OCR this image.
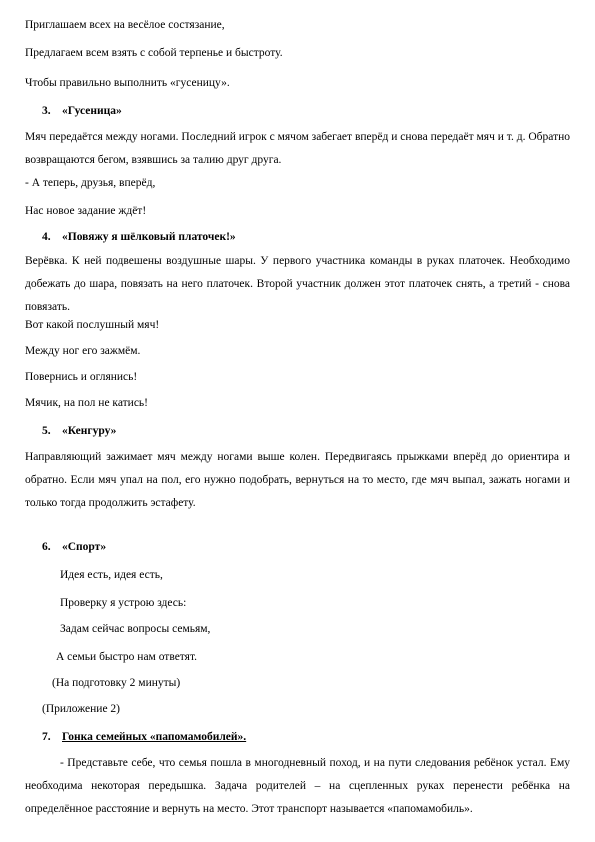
Приглашаем всех на весёлое состязание,
Предлагаем всем взять с собой терпенье и быстроту.
Чтобы правильно выполнить «гусеницу».
3. «Гусеница»
Мяч передаётся между ногами. Последний игрок с мячом забегает вперёд и снова передаёт мяч и т. д. Обратно возвращаются бегом, взявшись за талию друг друга.
- А теперь, друзья, вперёд,
Нас новое задание ждёт!
4. «Повяжу я шёлковый платочек!»
Верёвка. К ней подвешены воздушные шары. У первого участника команды в руках платочек. Необходимо добежать до шара, повязать на него платочек. Второй участник должен этот платочек снять, а третий - снова повязать.
Вот какой послушный мяч!
Между ног его зажмём.
Повернись и оглянись!
Мячик, на пол не катись!
5. «Кенгуру»
Направляющий зажимает мяч между ногами выше колен. Передвигаясь прыжками вперёд до ориентира и обратно. Если мяч упал на пол, его нужно подобрать, вернуться на то место, где мяч выпал, зажать ногами и только тогда продолжить эстафету.
6. «Спорт»
Идея есть, идея есть,
Проверку я устрою здесь:
Задам сейчас вопросы семьям,
А семьи быстро нам ответят.
(На подготовку 2 минуты)
(Приложение 2)
7. Гонка семейных «папомамобилей».
- Представьте себе, что семья пошла в многодневный поход, и на пути следования ребёнок устал. Ему необходима некоторая передышка. Задача родителей – на сцепленных руках перенести ребёнка на определённое расстояние и вернуть на место. Этот транспорт называется «папомамобиль».
